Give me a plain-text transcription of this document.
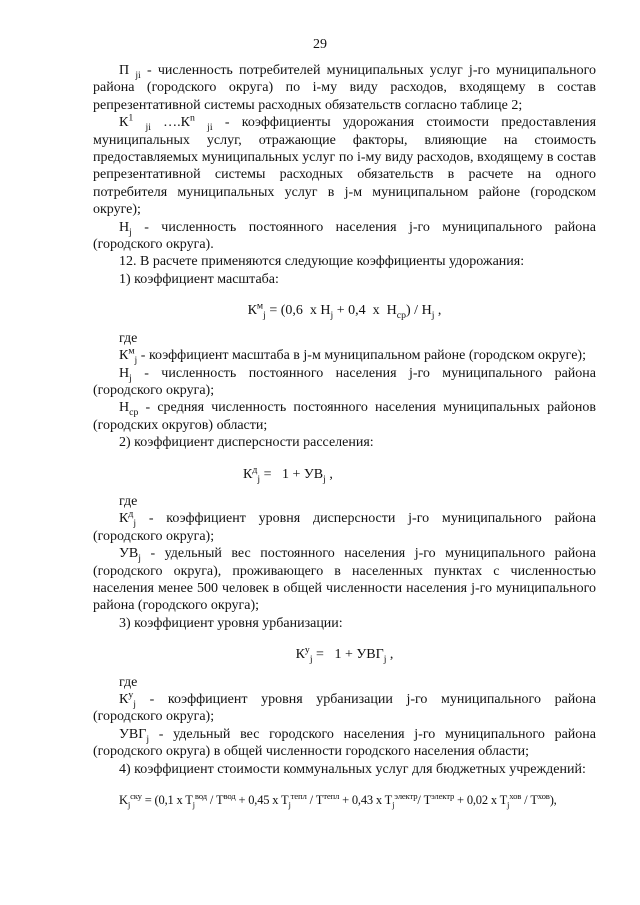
29

П $_{ji}$ - численность потребителей муниципальных услуг j-го муниципального района (городского округа) по i-му виду расходов, входящему в состав репрезентативной системы расходных обязательств согласно таблице 2;

$К^1$ $_{ji}$ $\dots.К^n$ $_{ji}$ - коэффициенты удорожания стоимости предоставления муниципальных услуг, отражающие факторы, влияющие на стоимость предоставляемых муниципальных услуг по i-му виду расходов, входящему в состав репрезентативной системы расходных обязательств в расчете на одного потребителя муниципальных услуг в j-м муниципальном районе (городском округе);

$Н_j$ - численность постоянного населения j-го муниципального района (городского округа).

12. В расчете применяются следующие коэффициенты удорожания:

1) коэффициент масштаба:

$К^м_j = (0,6$  х $Н_j + 0,4$  х  $Н_{ср}) / Н_j$ ,

где

$К^м_j$ - коэффициент масштаба в j-м муниципальном районе (городском округе);

$Н_j$ - численность постоянного населения j-го муниципального района (городского округа);

$Н_{ср}$ - средняя численность постоянного населения муниципальных районов (городских округов) области;

2) коэффициент дисперсности расселения:

$К^д_j = 1 + УВ_j$ ,

где

$К^д_j$ - коэффициент уровня дисперсности j-го муниципального района (городского округа);

$УВ_j$ - удельный вес постоянного населения j-го муниципального района (городского округа), проживающего в населенных пунктах с численностью населения менее 500 человек в общей численности населения j-го муниципального района (городского округа);

3) коэффициент уровня урбанизации:

$К^у_j = 1 + УВГ_j$ ,

где

$К^у_j$ - коэффициент уровня урбанизации j-го муниципального района (городского округа);

$УВГ_j$ - удельный вес городского населения j-го муниципального района (городского округа) в общей численности городского населения области;

4) коэффициент стоимости коммунальных услуг для бюджетных учреждений:

$K_j^{cку} = (0,1$ x $T_j^{вод} / T^{вод} + 0,45$ x $T_j^{тепл} / T^{тепл} + 0,43$ x $T_j^{электр}/$ $T^{электр} + 0,02$ x $T_j^{хов} / T^{хов}$),
